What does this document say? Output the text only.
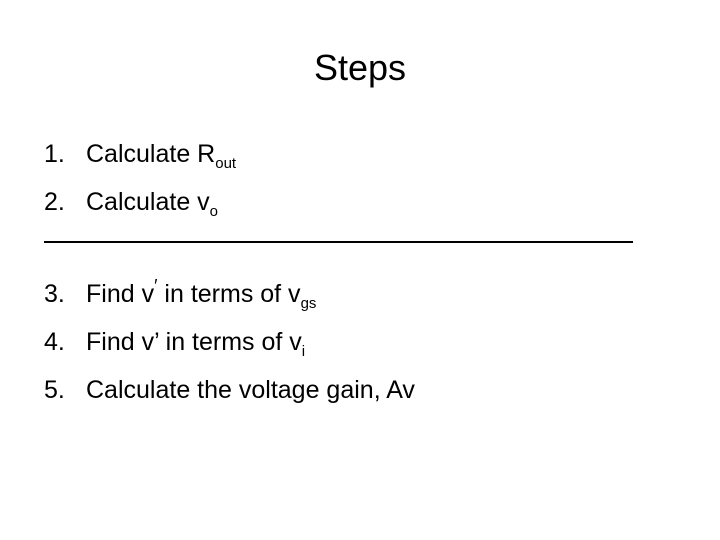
Steps
1. Calculate $R_{out}$
2. Calculate $v_o$
3. Find v′ in terms of $v_{gs}$
4. Find v’ in terms of $v_i$
5. Calculate the voltage gain, Av
